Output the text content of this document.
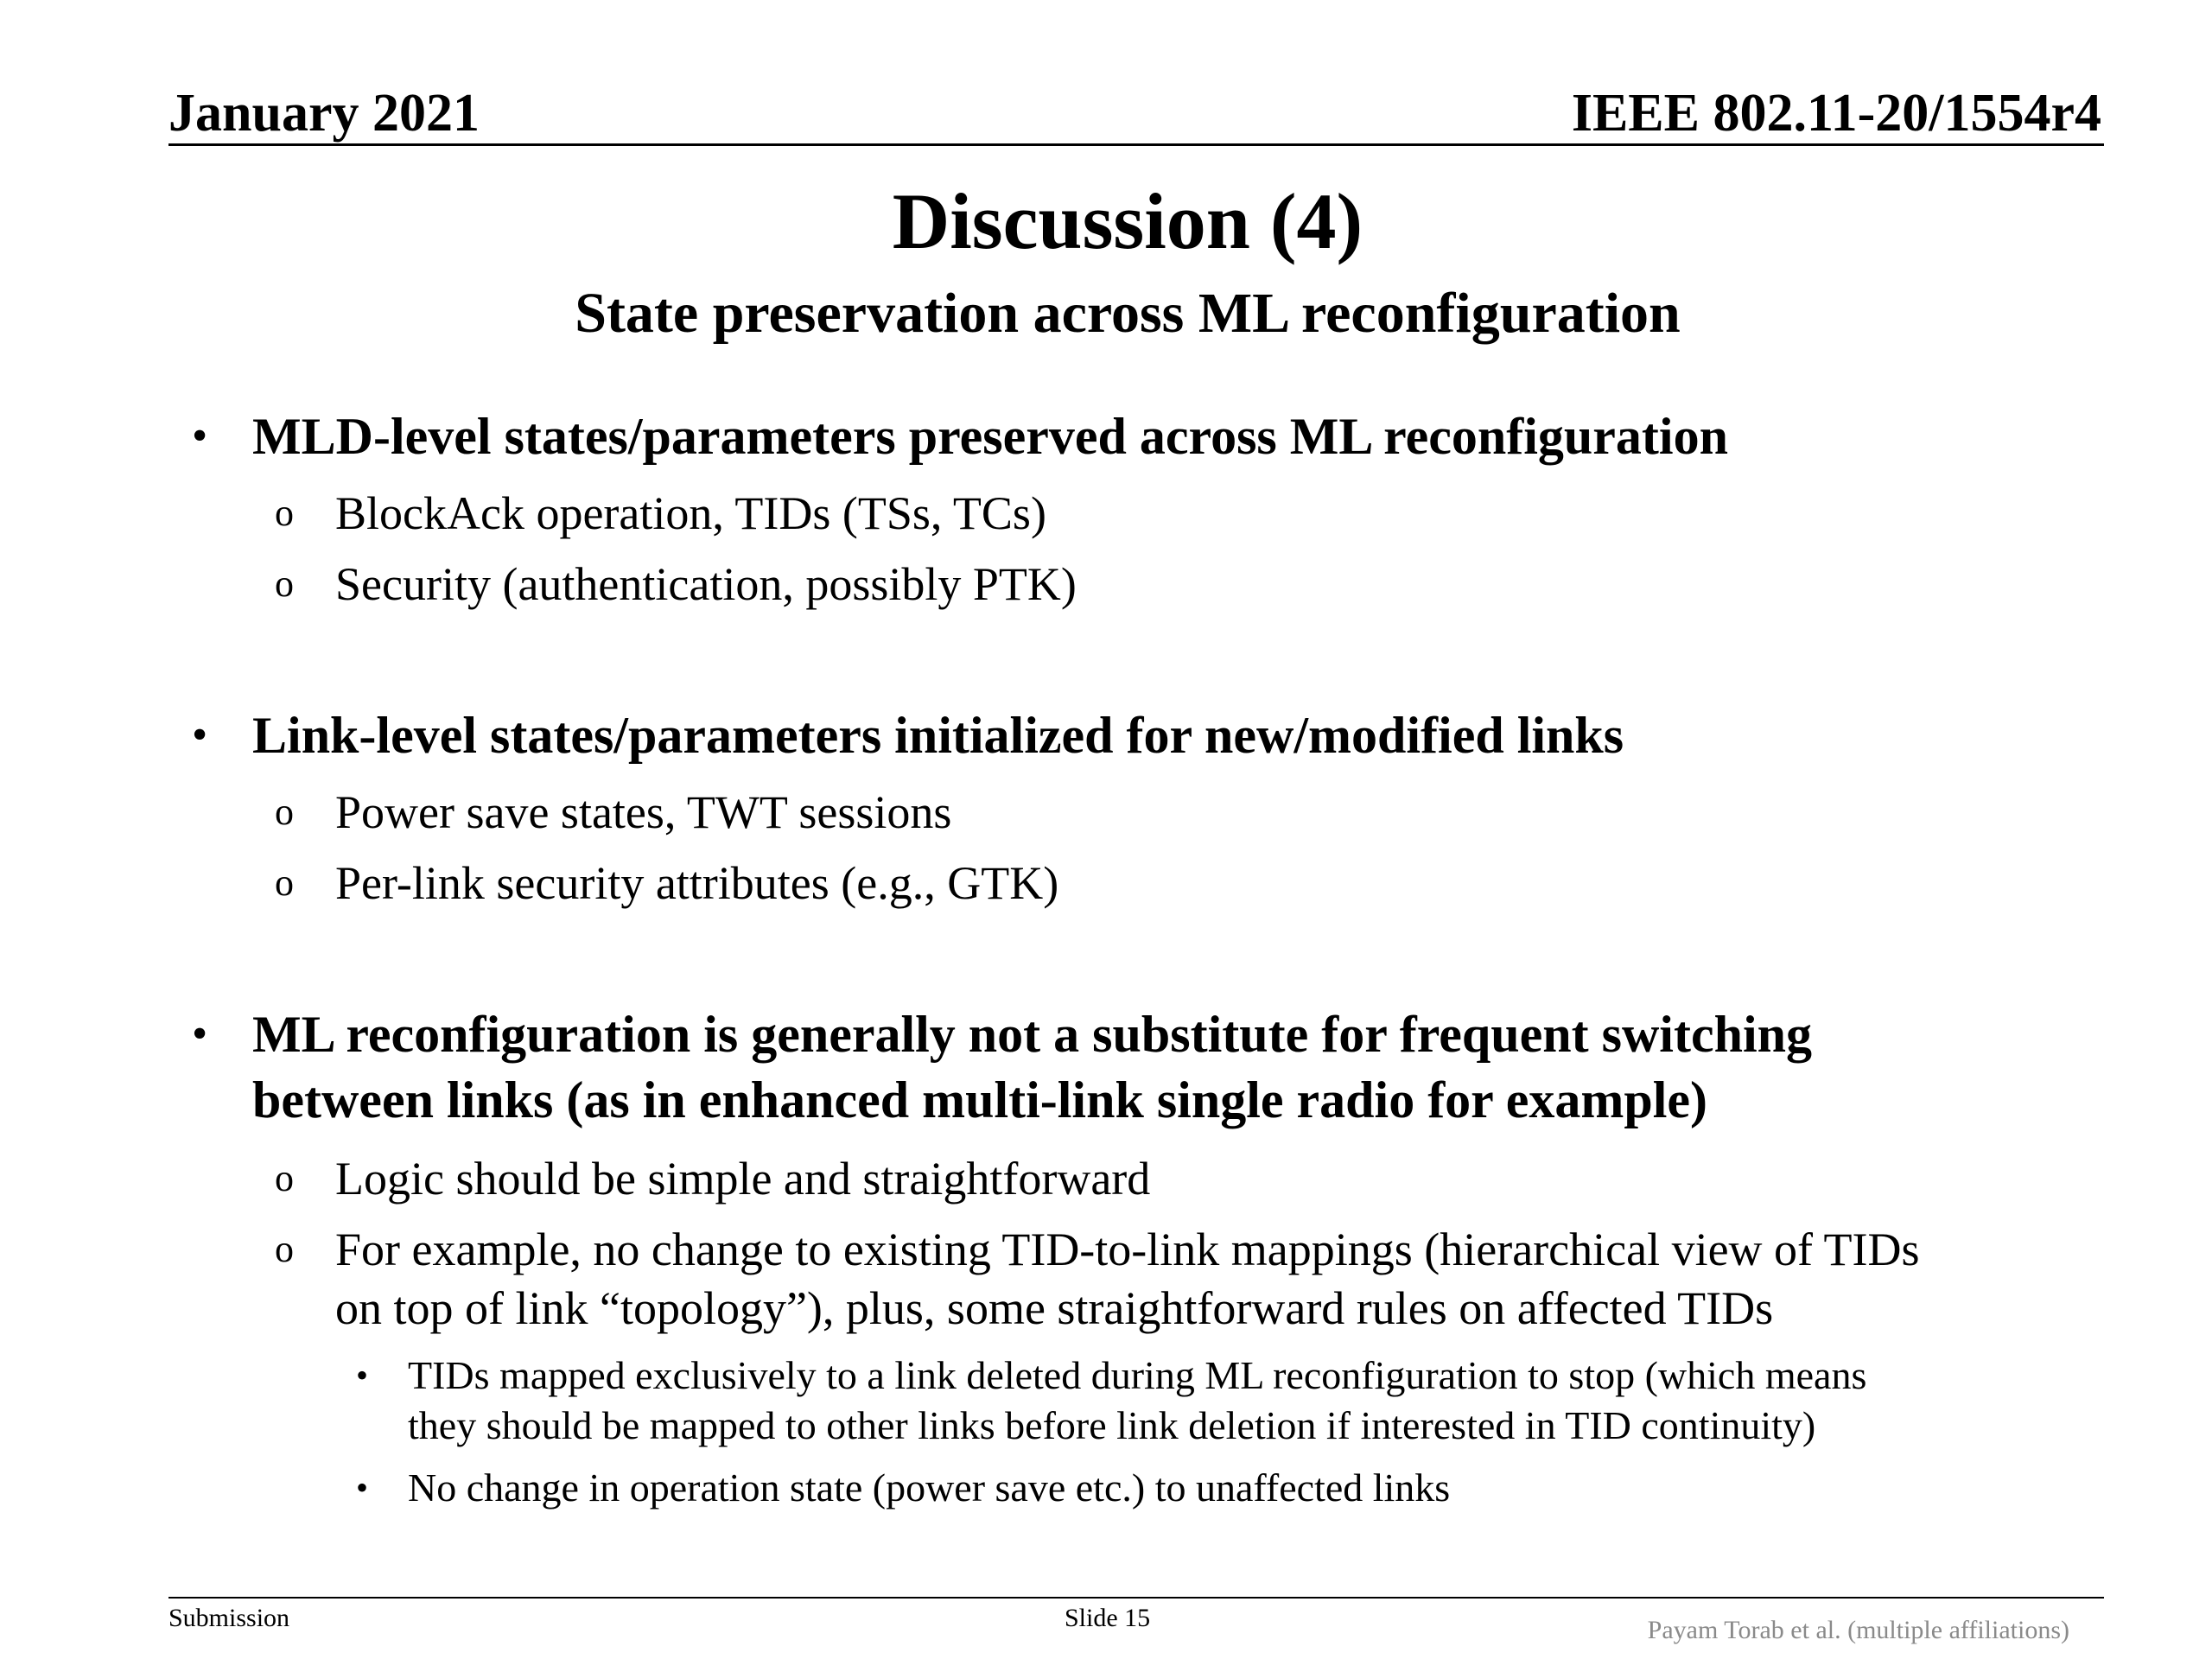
January 2021	IEEE 802.11-20/1554r4
Discussion (4)
State preservation across ML reconfiguration
• MLD-level states/parameters preserved across ML reconfiguration
o BlockAck operation, TIDs (TSs, TCs)
o Security (authentication, possibly PTK)
• Link-level states/parameters initialized for new/modified links
o Power save states, TWT sessions
o Per-link security attributes (e.g., GTK)
• ML reconfiguration is generally not a substitute for frequent switching
between links (as in enhanced multi-link single radio for example)
o Logic should be simple and straightforward
o For example, no change to existing TID-to-link mappings (hierarchical view of TIDs
on top of link “topology”), plus, some straightforward rules on affected TIDs
• TIDs mapped exclusively to a link deleted during ML reconfiguration to stop (which means
they should be mapped to other links before link deletion if interested in TID continuity)
• No change in operation state (power save etc.) to unaffected links
Submission	Slide 15	Payam Torab et al. (multiple affiliations)
